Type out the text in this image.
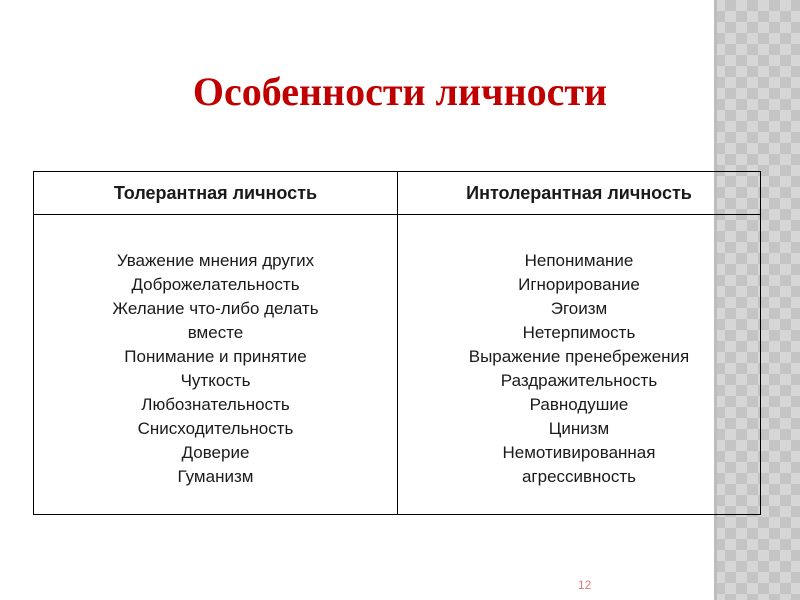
Особенности личности
Толерантная личность	Интолерантная личность
Уважение мнения других
Доброжелательность
Желание что-либо делать
вместе
Понимание и принятие
Чуткость
Любознательность
Снисходительность
Доверие
Гуманизм
Непонимание
Игнорирование
Эгоизм
Нетерпимость
Выражение пренебрежения
Раздражительность
Равнодушие
Цинизм
Немотивированная
агрессивность
12
